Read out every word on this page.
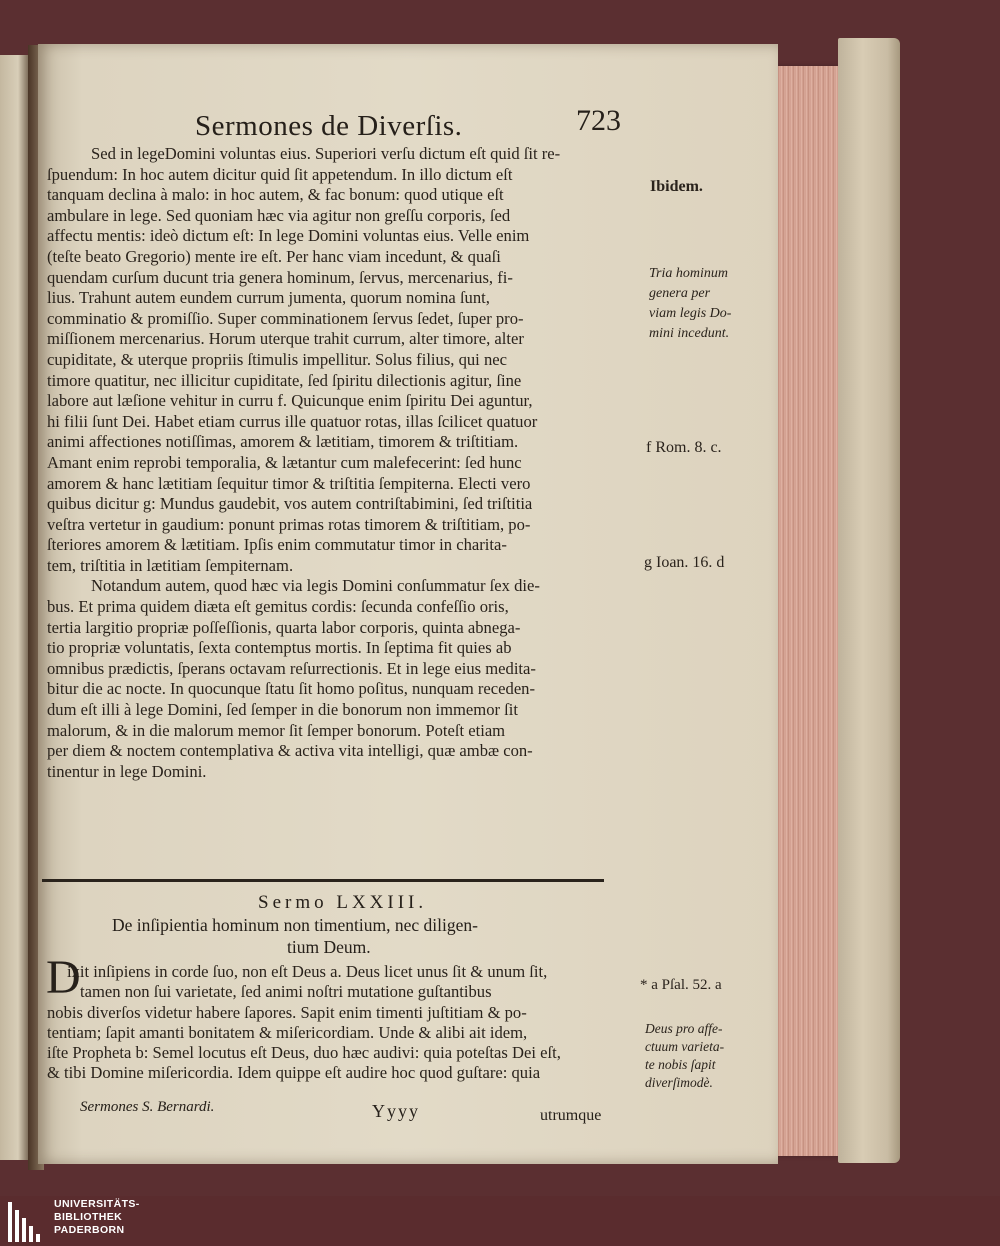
Sermones de Diverſis.	723
Sed in legeDomini voluntas eius. Superiori verſu dictum eſt quid ſit re-
ſpuendum: In hoc autem dicitur quid ſit appetendum. In illo dictum eſt
tanquam declina à malo: in hoc autem, & fac bonum: quod utique eſt
ambulare in lege. Sed quoniam hæc via agitur non greſſu corporis, ſed
affectu mentis: ideò dictum eſt: In lege Domini voluntas eius. Velle enim
(teſte beato Gregorio) mente ire eſt. Per hanc viam incedunt, & quaſi
quendam curſum ducunt tria genera hominum, ſervus, mercenarius, fi-
lius. Trahunt autem eundem currum jumenta, quorum nomina ſunt,
comminatio & promiſſio. Super comminationem ſervus ſedet, ſuper pro-
miſſionem mercenarius. Horum uterque trahit currum, alter timore, alter
cupiditate, & uterque propriis ſtimulis impellitur. Solus filius, qui nec
timore quatitur, nec illicitur cupiditate, ſed ſpiritu dilectionis agitur, ſine
labore aut læſione vehitur in curru f. Quicunque enim ſpiritu Dei aguntur,
hi filii ſunt Dei. Habet etiam currus ille quatuor rotas, illas ſcilicet quatuor
animi affectiones notiſſimas, amorem & lætitiam, timorem & triſtitiam.
Amant enim reprobi temporalia, & lætantur cum malefecerint: ſed hunc
amorem & hanc lætitiam ſequitur timor & triſtitia ſempiterna. Electi vero
quibus dicitur g: Mundus gaudebit, vos autem contriſtabimini, ſed triſtitia
veſtra vertetur in gaudium: ponunt primas rotas timorem & triſtitiam, po-
ſteriores amorem & lætitiam. Ipſis enim commutatur timor in charita-
tem, triſtitia in lætitiam ſempiternam.
Notandum autem, quod hæc via legis Domini conſummatur ſex die-
bus. Et prima quidem diæta eſt gemitus cordis: ſecunda confeſſio oris,
tertia largitio propriæ poſſeſſionis, quarta labor corporis, quinta abnega-
tio propriæ voluntatis, ſexta contemptus mortis. In ſeptima fit quies ab
omnibus prædictis, ſperans octavam reſurrectionis. Et in lege eius medita-
bitur die ac nocte. In quocunque ſtatu ſit homo poſitus, nunquam receden-
dum eſt illi à lege Domini, ſed ſemper in die bonorum non immemor ſit
malorum, & in die malorum memor ſit ſemper bonorum. Poteſt etiam
per diem & noctem contemplativa & activa vita intelligi, quæ ambæ con-
tinentur in lege Domini.
Sermo LXXIII.
De inſipientia hominum non timentium, nec diligen-
tium Deum.
D
ixit inſipiens in corde ſuo, non eſt Deus a. Deus licet unus ſit & unum ſit,
tamen non ſui varietate, ſed animi noſtri mutatione guſtantibus
nobis diverſos videtur habere ſapores. Sapit enim timenti juſtitiam & po-
tentiam; ſapit amanti bonitatem & miſericordiam. Unde & alibi ait idem,
iſte Propheta b: Semel locutus eſt Deus, duo hæc audivi: quia poteſtas Dei eſt,
& tibi Domine miſericordia. Idem quippe eſt audire hoc quod guſtare: quia
Sermones S. Bernardi.	Yyyy	utrumque
Ibidem.
Tria hominum
genera per
viam legis Do-
mini incedunt.
f Rom. 8. c.
g Ioan. 16. d
* a Pſal. 52. a
Deus pro affe-
ctuum varieta-
te nobis ſapit
diverſimodè.
UNIVERSITÄTS-
BIBLIOTHEK
PADERBORN
